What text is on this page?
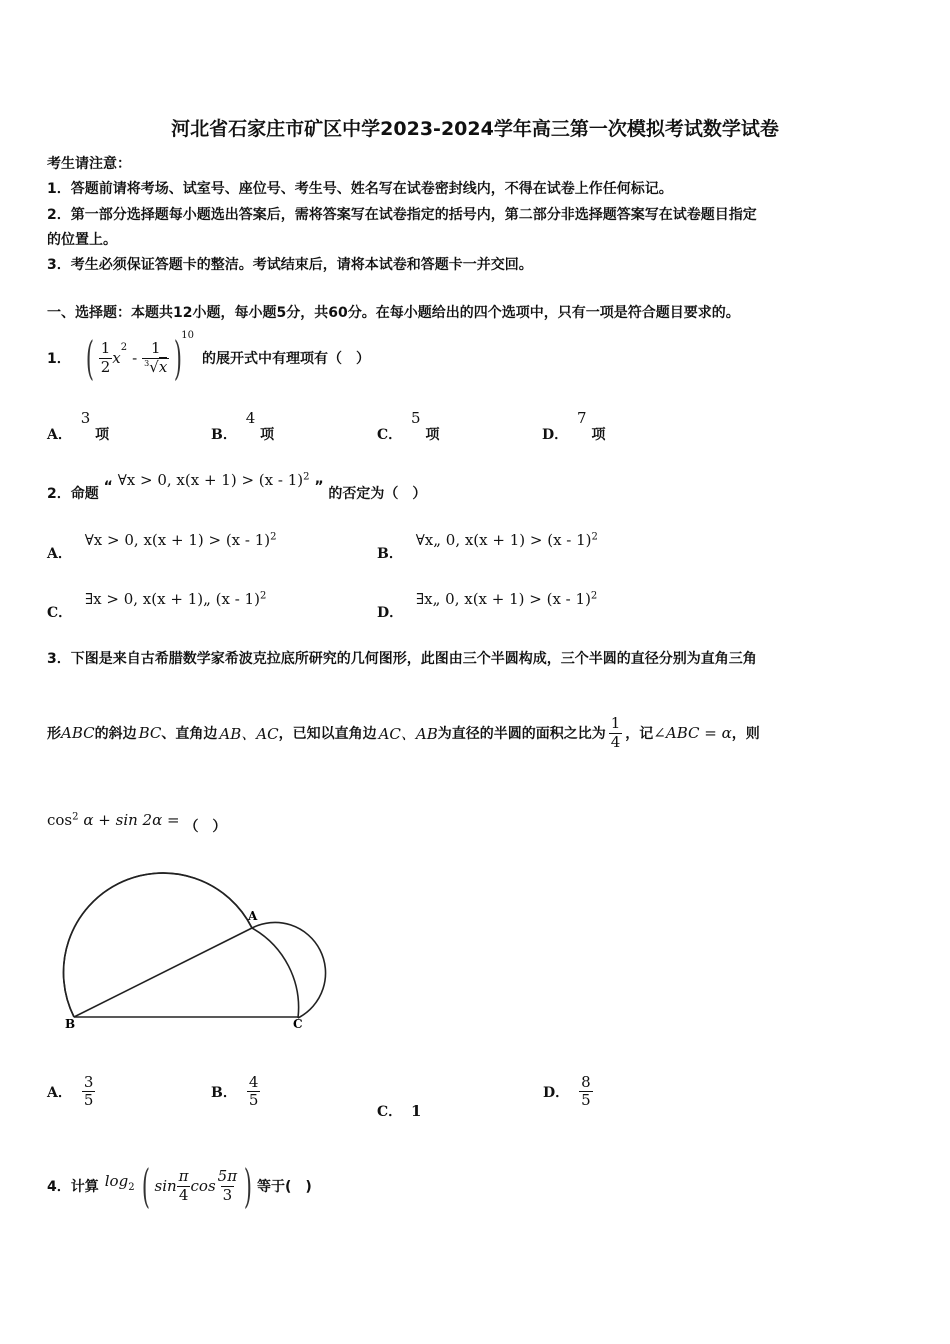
河北省石家庄市矿区中学2023-2024学年高三第一次模拟考试数学试卷
考生请注意：
1．答题前请将考场、试室号、座位号、考生号、姓名写在试卷密封线内，不得在试卷上作任何标记。
2．第一部分选择题每小题选出答案后，需将答案写在试卷指定的括号内，第二部分非选择题答案写在试卷题目指定
的位置上。
3．考生必须保证答题卡的整洁。考试结束后，请将本试卷和答题卡一并交回。
一、选择题：本题共12小题，每小题5分，共60分。在每小题给出的四个选项中，只有一项是符合题目要求的。
1． ( $\frac{1}{2}$ x
2
- $\frac{1}{^3√x}$ )
10
的展开式中有理项有（　）
A． 3 项	B． 4 项	C． 5 项	D． 7 项
2．命题 “ ∀x > 0, x(x + 1) > (x - 1)$^2$ ” 的否定为（　）
A． ∀x > 0, x(x + 1) > (x - 1)$^2$
B． ∀x„ 0, x(x + 1) > (x - 1)$^2$
C． ∃x > 0, x(x + 1)„ (x - 1)$^2$
D． ∃x„ 0, x(x + 1) > (x - 1)$^2$
3．下图是来自古希腊数学家希波克拉底所研究的几何图形，此图由三个半圆构成，三个半圆的直径分别为直角三角
形 ABC 的斜边 BC 、直角边 AB、AC ，已知以直角边 AC、AB 为直径的半圆的面积之比为 $\frac{1}{4}$ ，记 ∠ABC = α ，则
$\cos^2 \alpha + \sin 2\alpha$ = （　）
A
B	C
A． $\frac{3}{5}$	B． $\frac{4}{5}$
C． 1
D． $\frac{8}{5}$
4．计算 log 2 ( $\sin \frac{\pi}{4}$ $\cos \frac{5\pi}{3}$ ) 等于(　)
